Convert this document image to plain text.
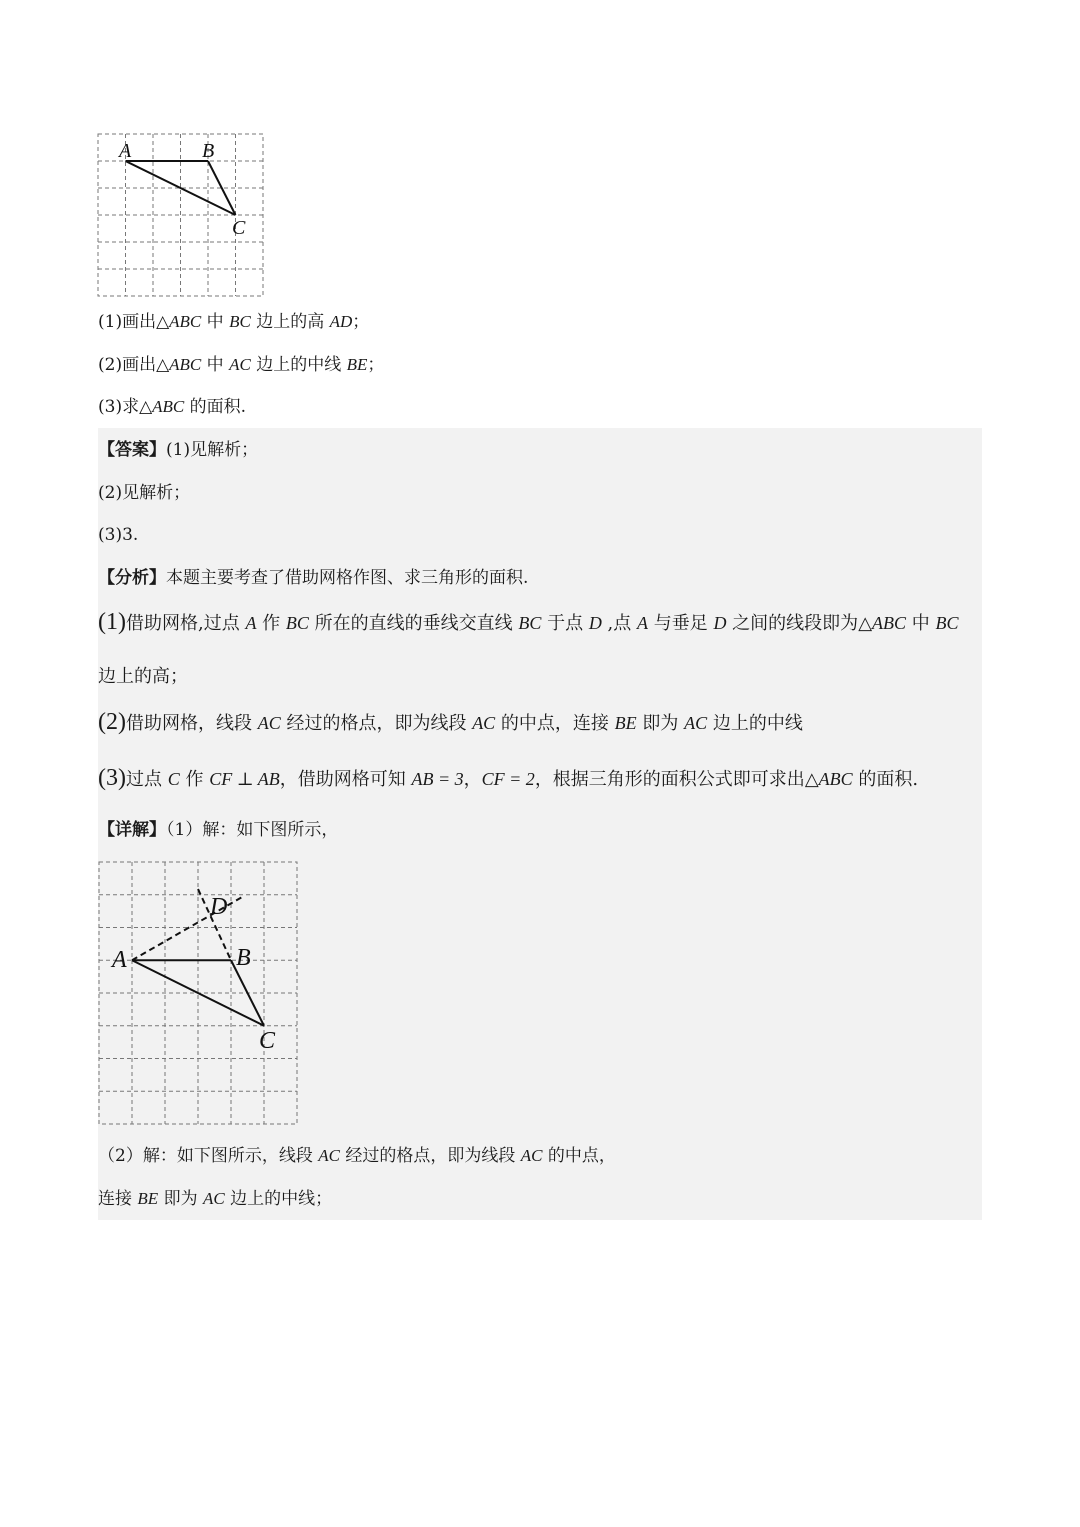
A	B
C
(1)画出△ABC 中 BC 边上的高 AD；
(2)画出△ABC 中 AC 边上的中线 BE；
(3)求△ABC 的面积.
【答案】(1)见解析；
(2)见解析；
(3)3.
【分析】本题主要考查了借助网格作图、求三角形的面积.
(1)借助网格,过点 A 作 BC 所在的直线的垂线交直线 BC 于点 D ,点 A 与垂足 D 之间的线段即为△ABC 中 BC
边上的高；
(2)借助网格，线段 AC 经过的格点，即为线段 AC 的中点，连接 BE 即为 AC 边上的中线
(3)过点 C 作 CF ⊥ AB，借助网格可知 AB = 3，CF = 2，根据三角形的面积公式即可求出△ABC 的面积.
【详解】（1）解：如下图所示，
D
A	B
C
（2）解：如下图所示，线段 AC 经过的格点，即为线段 AC 的中点，
连接 BE 即为 AC 边上的中线；
